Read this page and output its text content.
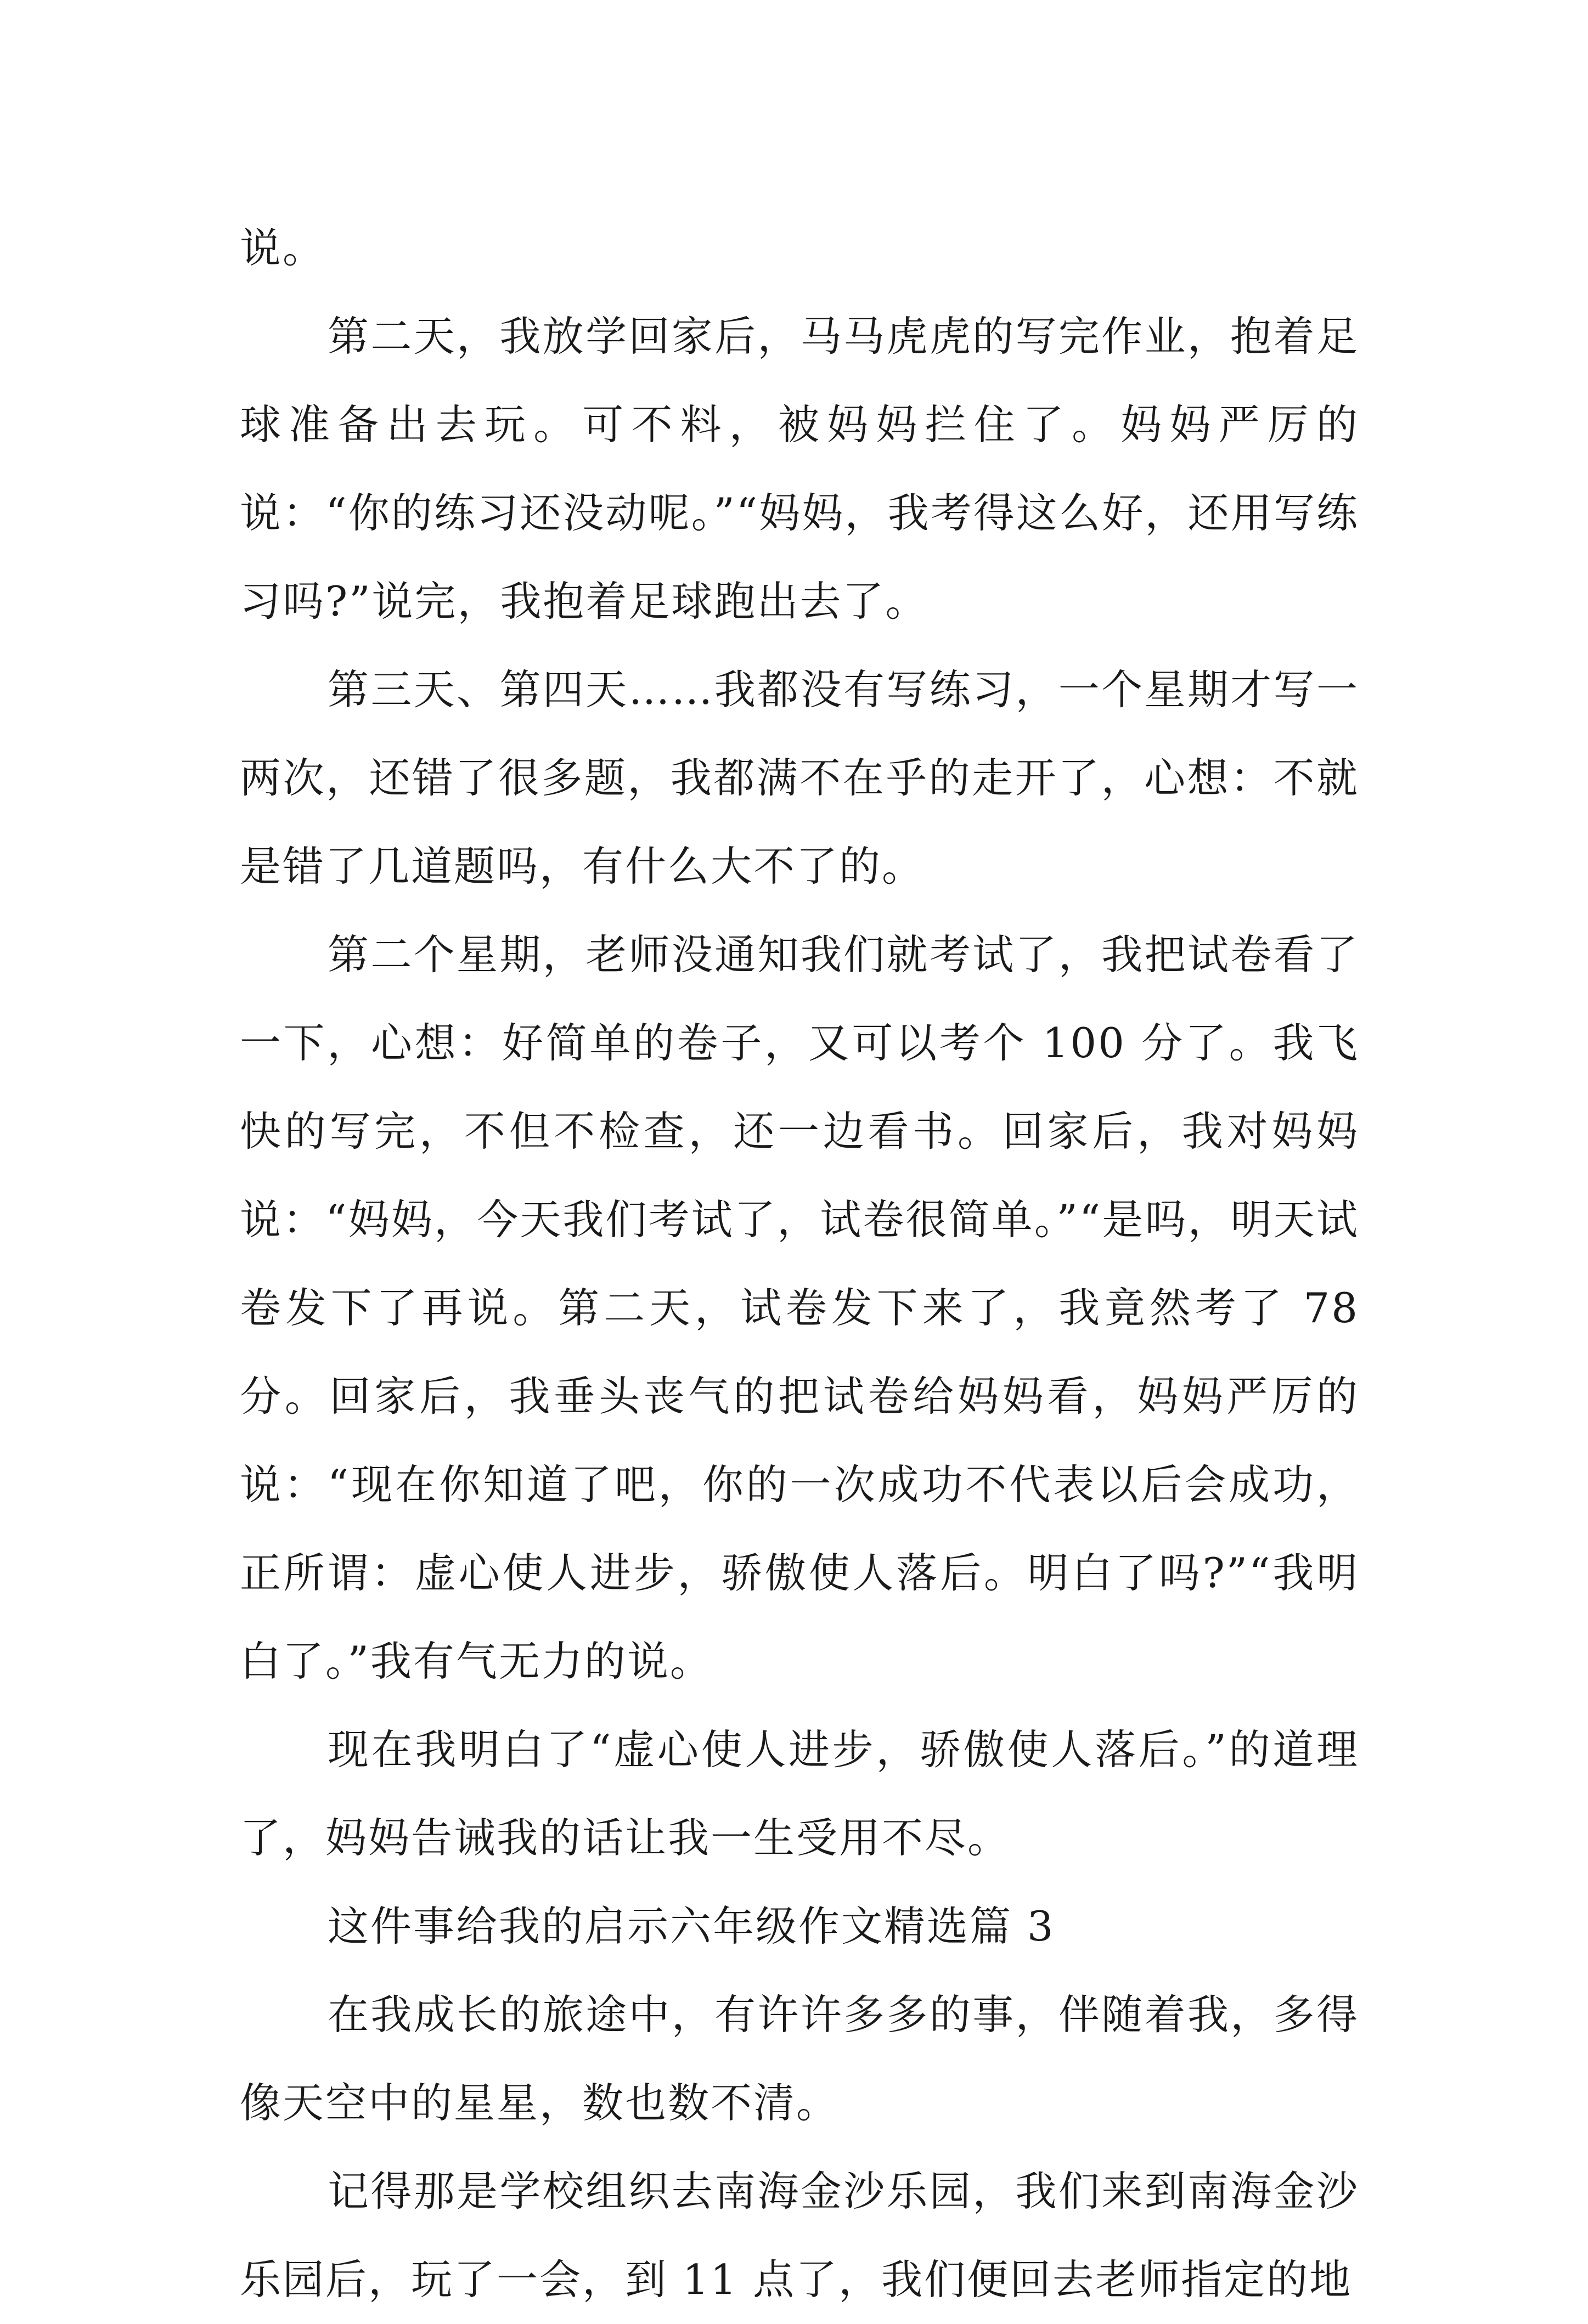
说。

第二天，我放学回家后，马马虎虎的写完作业，抱着足球准备出去玩。可不料，被妈妈拦住了。妈妈严厉的说：“你的练习还没动呢。”“妈妈，我考得这么好，还用写练习吗?”说完，我抱着足球跑出去了。

第三天、第四天……我都没有写练习，一个星期才写一两次，还错了很多题，我都满不在乎的走开了，心想：不就是错了几道题吗，有什么大不了的。

第二个星期，老师没通知我们就考试了，我把试卷看了一下，心想：好简单的卷子，又可以考个 100 分了。我飞快的写完，不但不检查，还一边看书。回家后，我对妈妈说：“妈妈，今天我们考试了，试卷很简单。”“是吗，明天试卷发下了再说。第二天，试卷发下来了，我竟然考了 78 分。回家后，我垂头丧气的把试卷给妈妈看，妈妈严厉的说：“现在你知道了吧，你的一次成功不代表以后会成功，正所谓：虚心使人进步，骄傲使人落后。明白了吗?”“我明白了。”我有气无力的说。

现在我明白了“虚心使人进步，骄傲使人落后。”的道理了，妈妈告诫我的话让我一生受用不尽。

这件事给我的启示六年级作文精选篇 3

在我成长的旅途中，有许许多多的事，伴随着我，多得像天空中的星星，数也数不清。

记得那是学校组织去南海金沙乐园，我们来到南海金沙乐园后，玩了一会，到 11 点了，我们便回去老师指定的地
